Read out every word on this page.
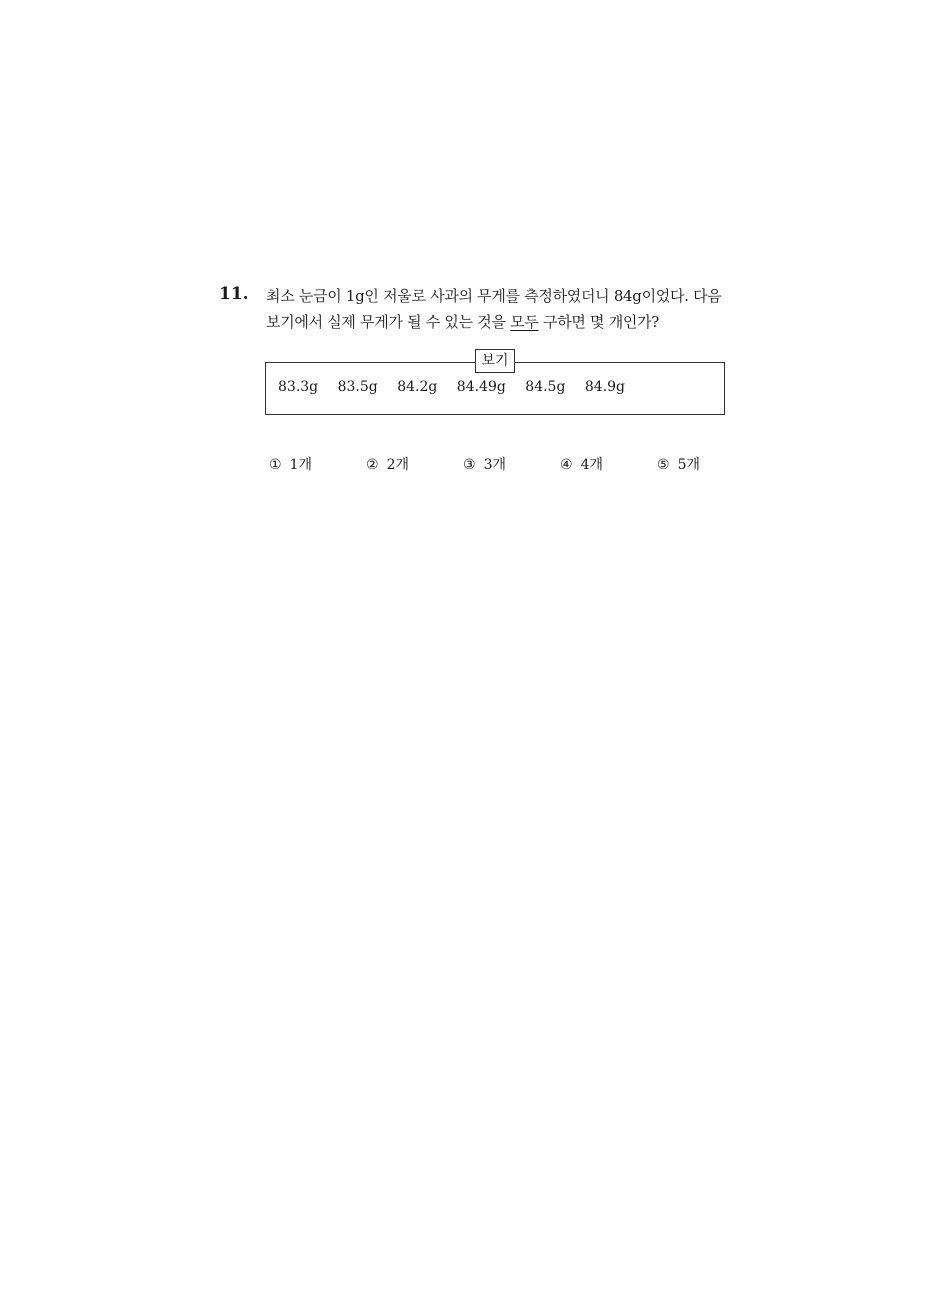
11. 최소 눈금이 1g인 저울로 사과의 무게를 측정하였더니 84g이었다. 다음
보기에서 실제 무게가 될 수 있는 것을 모두 구하면 몇 개인가?
보기
83.3g 83.5g 84.2g 84.49g 84.5g 84.9g
① 1개	② 2개	③ 3개	④ 4개	⑤ 5개
